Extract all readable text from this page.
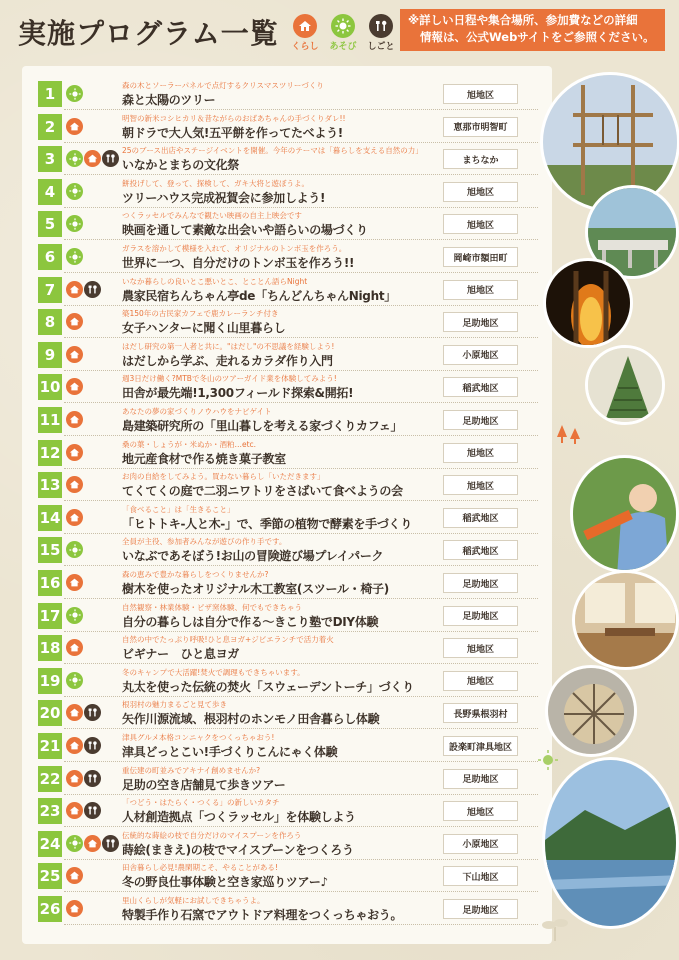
実施プログラム一覧 くらし あそび しごと
※詳しい日程や集合場所、参加費などの詳細
情報は、公式Webサイトをご参照ください。
1	森の木とソーラーパネルで点灯するクリスマスツリーづくり
森と太陽のツリー	旭地区
2	明智の新米コシヒカリ＆昔ながらのおばあちゃんの手づくりダレ!!
朝ドラで大人気!五平餅を作ってたべよう!	恵那市明智町
3	25のブース出店やステージイベントを開催。今年のテーマは「暮らしを支える自然の力」
いなかとまちの文化祭	まちなか
4	餅投げして、登って、探検して、ガキ大将と遊ぼうよ。
ツリーハウス完成祝賀会に参加しよう!	旭地区
5	つくラッセルでみんなで観たい映画の自主上映会です
映画を通して素敵な出会いや語らいの場づくり	旭地区
6	ガラスを溶かして模様を入れて、オリジナルのトンボ玉を作ろう。
世界に一つ、自分だけのトンボ玉を作ろう!!	岡崎市額田町
7	いなか暮らしの良いとこ悪いとこ、とことん語らNight
農家民宿ちんちゃん亭de「ちんどんちゃんNight」	旭地区
8	築150年の古民家カフェで鹿カレーランチ付き
女子ハンターに聞く山里暮らし	足助地区
9	はだし研究の第一人者と共に。"はだし"の不思議を経験しよう!
はだしから学ぶ、走れるカラダ作り入門	小原地区
10	週3日だけ働く?MTBで冬山のツアーガイド業を体験してみよう!
田舎が最先端!1,300フィールド探索&開拓!	稲武地区
11	あなたの夢の家づくりノウハウをナビゲイト
島建築研究所の「里山暮しを考える家づくりカフェ」	足助地区
12	桑の葉・しょうが・米ぬか・酒粕…etc.
地元産食材で作る焼き菓子教室	旭地区
13	お肉の自給をしてみよう。買わない暮らし「いただきます」
てくてくの庭で二羽ニワトリをさばいて食べようの会	旭地区
14	「食べること」は「生きること」
「ヒトトキ-人と木-」で、季節の植物で酵素を手づくり	稲武地区
15	全員が主役、参加者みんなが遊びの作り手です。
いなぶであそぼう!お山の冒険遊び場プレイパーク	稲武地区
16	森の恵みで豊かな暮らしをつくりませんか?
樹木を使ったオリジナル木工教室(スツール・椅子)	足助地区
17	自然観察・林業体験・ピザ窯体験、何でもできちゃう
自分の暮らしは自分で作る〜きこり塾でDIY体験	足助地区
18	自然の中でたっぷり呼吸!ひと息ヨガ+ジビエランチで活力着火
ビギナー　ひと息ヨガ	旭地区
19	冬のキャンプで大活躍!焚火で調理もできちゃいます。
丸太を使った伝統の焚火「スウェーデントーチ」づくり	旭地区
20	根羽村の魅力まるごと見て歩き
矢作川源流域、根羽村のホンモノ田舎暮らし体験	長野県根羽村
21	津具グルメ本格コンニャクをつくっちゃおう!
津具どっとこい!手づくりこんにゃく体験	設楽町津具地区
22	重伝建の町並みでアキナイ創めませんか?
足助の空き店舗見て歩きツアー	足助地区
23	「つどう・はたらく・つくる」の新しいカタチ
人材創造拠点「つくラッセル」を体験しよう	旭地区
24	伝統的な蒔絵の枝で自分だけのマイスプーンを作ろう
蒔絵(まきえ)の枝でマイスプーンをつくろう	小原地区
25	田舎暮らし必見!農閑期こそ、やることがある!
冬の野良仕事体験と空き家巡りツアー♪	下山地区
26	里山くらしが気軽にお試しできちゃうよ。
特製手作り石窯でアウトドア料理をつくっちゃおう。	足助地区
